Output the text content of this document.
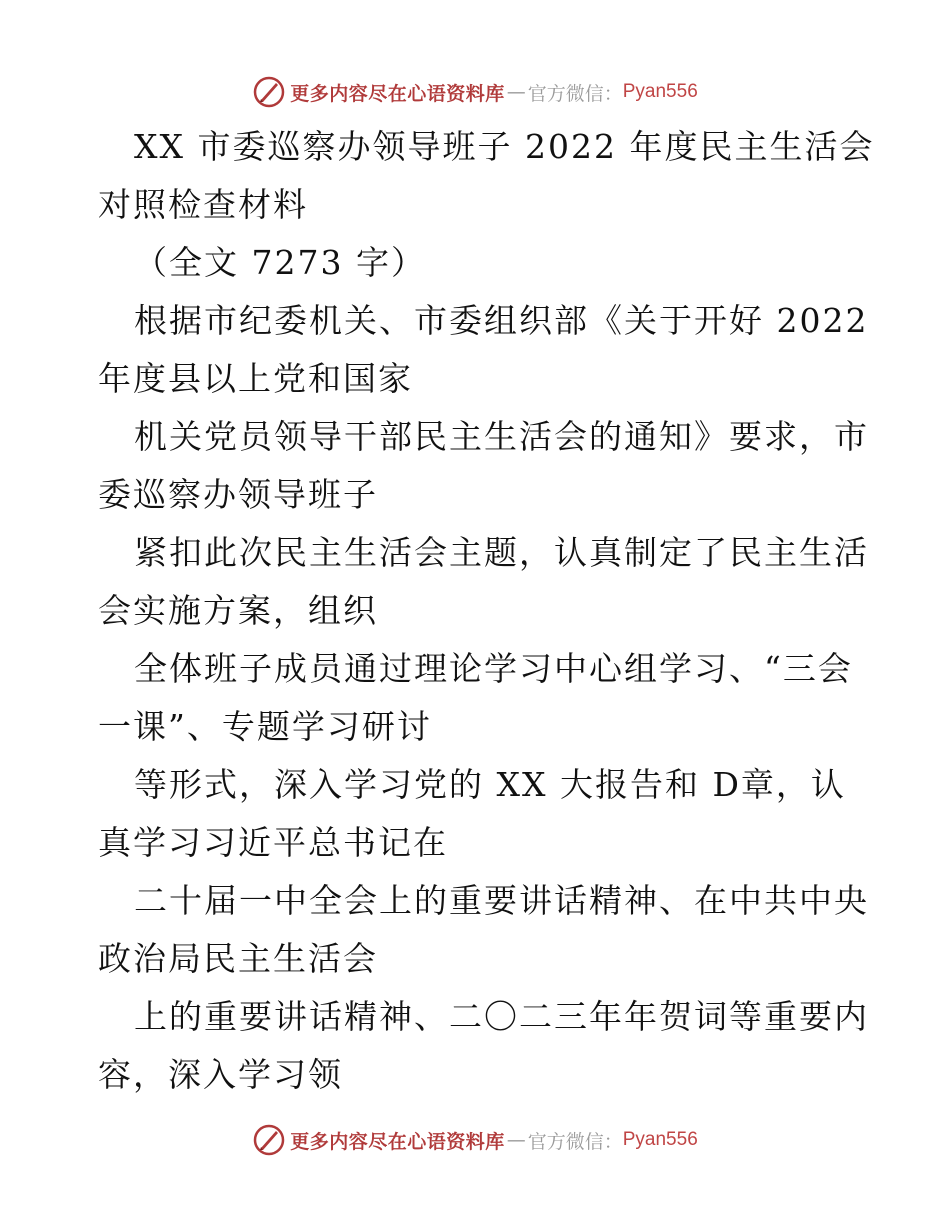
更多内容尽在心语资料库 — 官方微信： Pyan556
XX 市委巡察办领导班子 2022 年度民主生活会
对照检查材料
（全文 7273 字）
根据市纪委机关、市委组织部《关于开好 2022
年度县以上党和国家
机关党员领导干部民主生活会的通知》要求，市
委巡察办领导班子
紧扣此次民主生活会主题，认真制定了民主生活
会实施方案，组织
全体班子成员通过理论学习中心组学习、“三会
一课”、专题学习研讨
等形式，深入学习党的 XX 大报告和 D章，认
真学习习近平总书记在
二十届一中全会上的重要讲话精神、在中共中央
政治局民主生活会
上的重要讲话精神、二〇二三年年贺词等重要内
容，深入学习领
更多内容尽在心语资料库 — 官方微信： Pyan556
